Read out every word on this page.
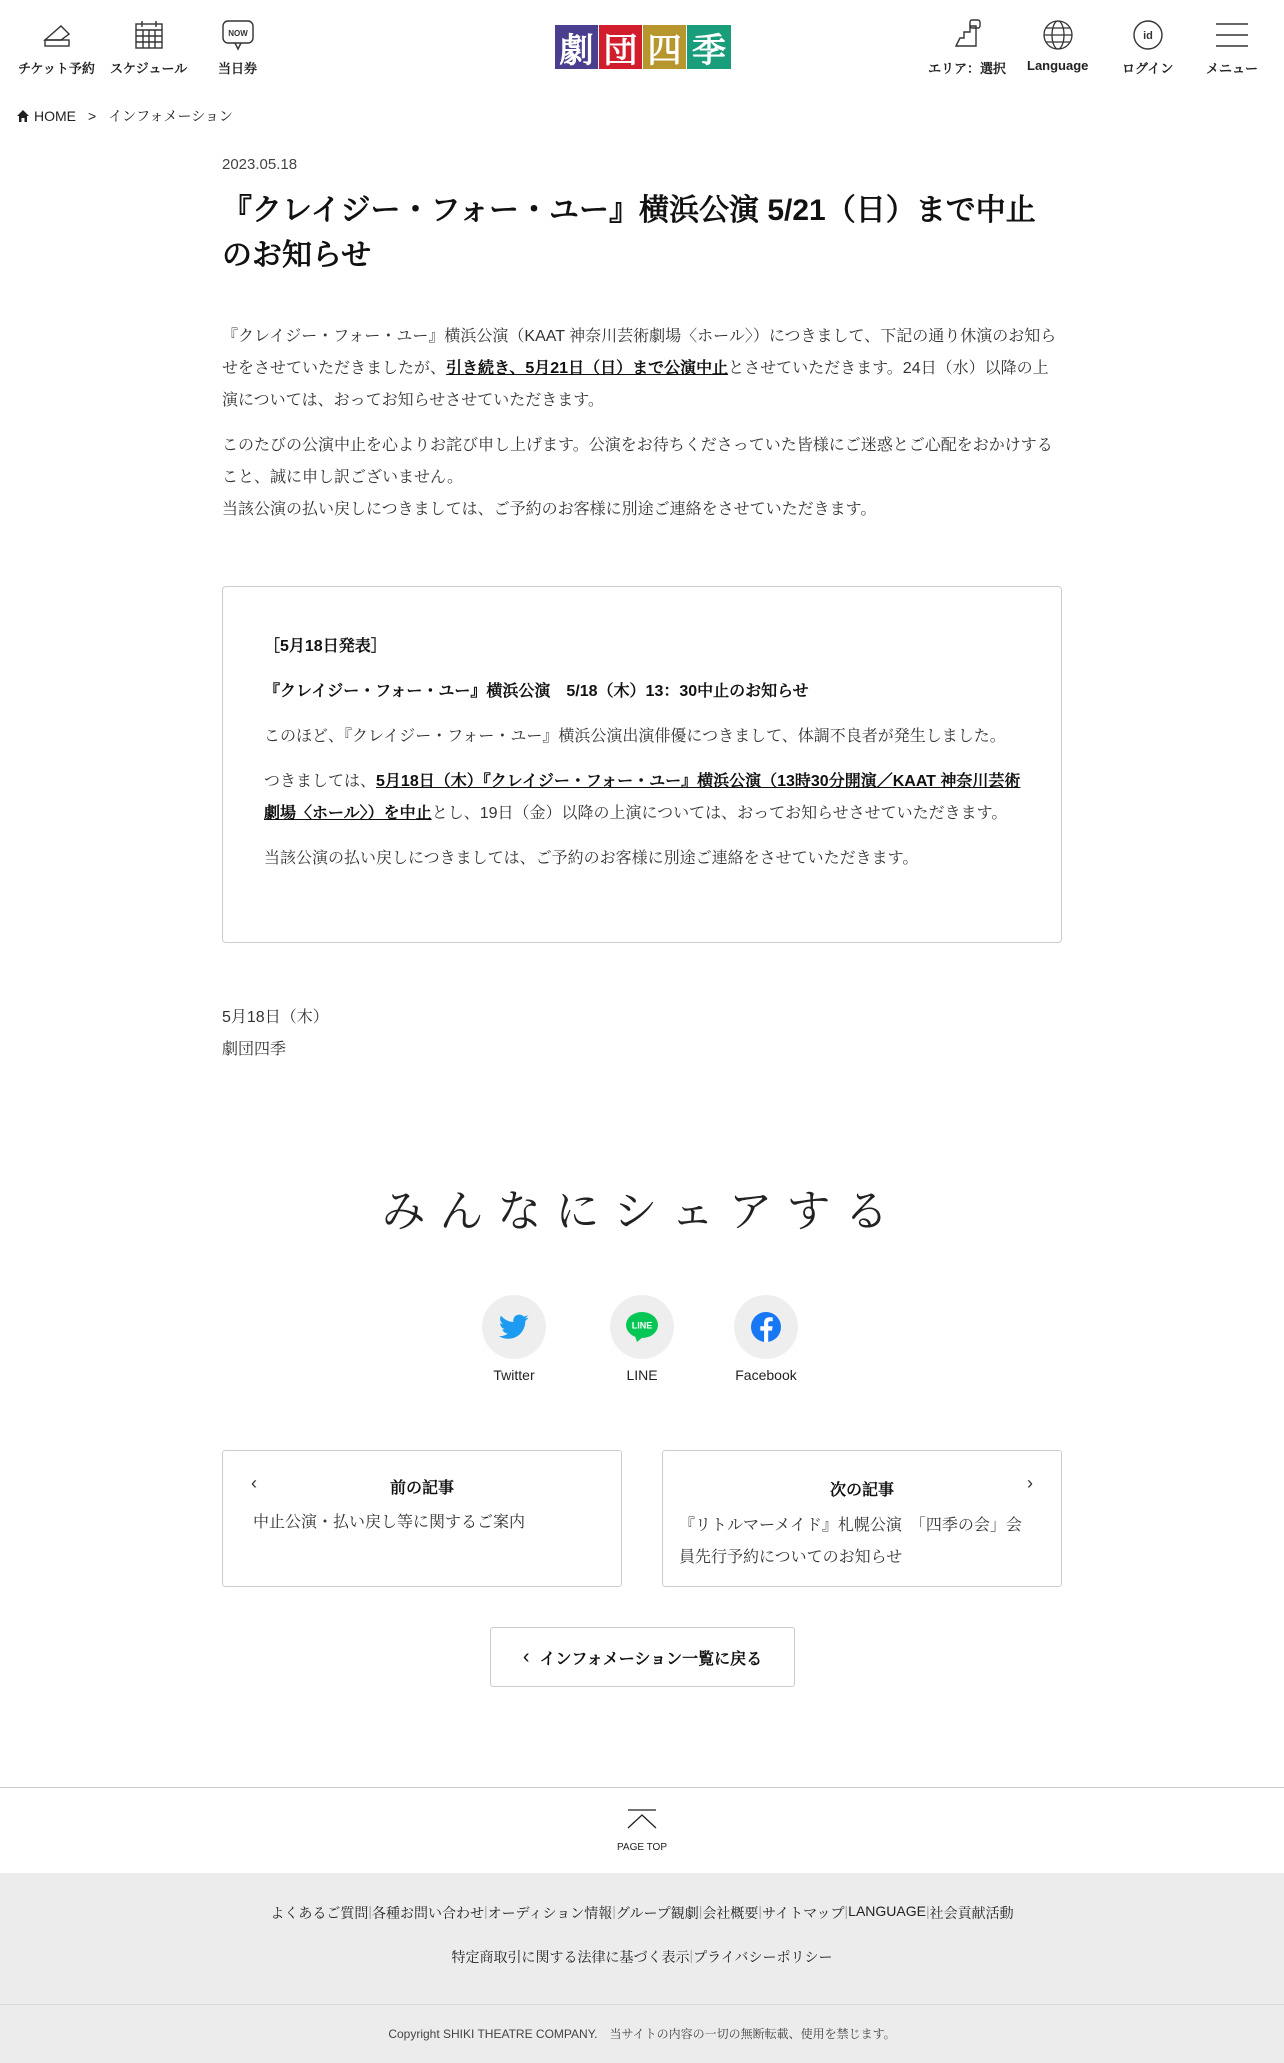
チケット予約 スケジュール
NOW
当日券	劇 団 四 季	エリア：選択 Language
id
ログイン	メニュー
HOME > インフォメーション
2023.05.18
『クレイジー・フォー・ユー』横浜公演 5/21（日）まで中止のお知らせ

『クレイジー・フォー・ユー』横浜公演（KAAT 神奈川芸術劇場〈ホール〉）につきまして、下記の通り休演のお知らせをさせていただきましたが、引き続き、5月21日（日）まで公演中止とさせていただきます。24日（水）以降の上演については、おってお知らせさせていただきます。

このたびの公演中止を心よりお詫び申し上げます。公演をお待ちくださっていた皆様にご迷惑とご心配をおかけすること、誠に申し訳ございません。
当該公演の払い戻しにつきましては、ご予約のお客様に別途ご連絡をさせていただきます。

［5月18日発表］

『クレイジー・フォー・ユー』横浜公演　5/18（木）13：30中止のお知らせ

このほど、『クレイジー・フォー・ユー』横浜公演出演俳優につきまして、体調不良者が発生しました。

つきましては、5月18日（木）『クレイジー・フォー・ユー』横浜公演（13時30分開演／KAAT 神奈川芸術劇場〈ホール〉）を中止とし、19日（金）以降の上演については、おってお知らせさせていただきます。

当該公演の払い戻しにつきましては、ご予約のお客様に別途ご連絡をさせていただきます。

5月18日（木）
劇団四季
みんなにシェアする
Twitter
LINE
LINE	Facebook
‹	前の記事
中止公演・払い戻し等に関するご案内
›
次の記事
『リトルマーメイド』札幌公演　「四季の会」会員先行予約についてのお知らせ
‹ インフォメーション一覧に戻る
PAGE TOP
よくあるご質問 | 各種お問い合わせ | オーディション情報 | グループ観劇 | 会社概要 | サイトマップ | LANGUAGE | 社会貢献活動
特定商取引に関する法律に基づく表示 | プライバシーポリシー
Copyright SHIKI THEATRE COMPANY.　当サイトの内容の一切の無断転載、使用を禁じます。
